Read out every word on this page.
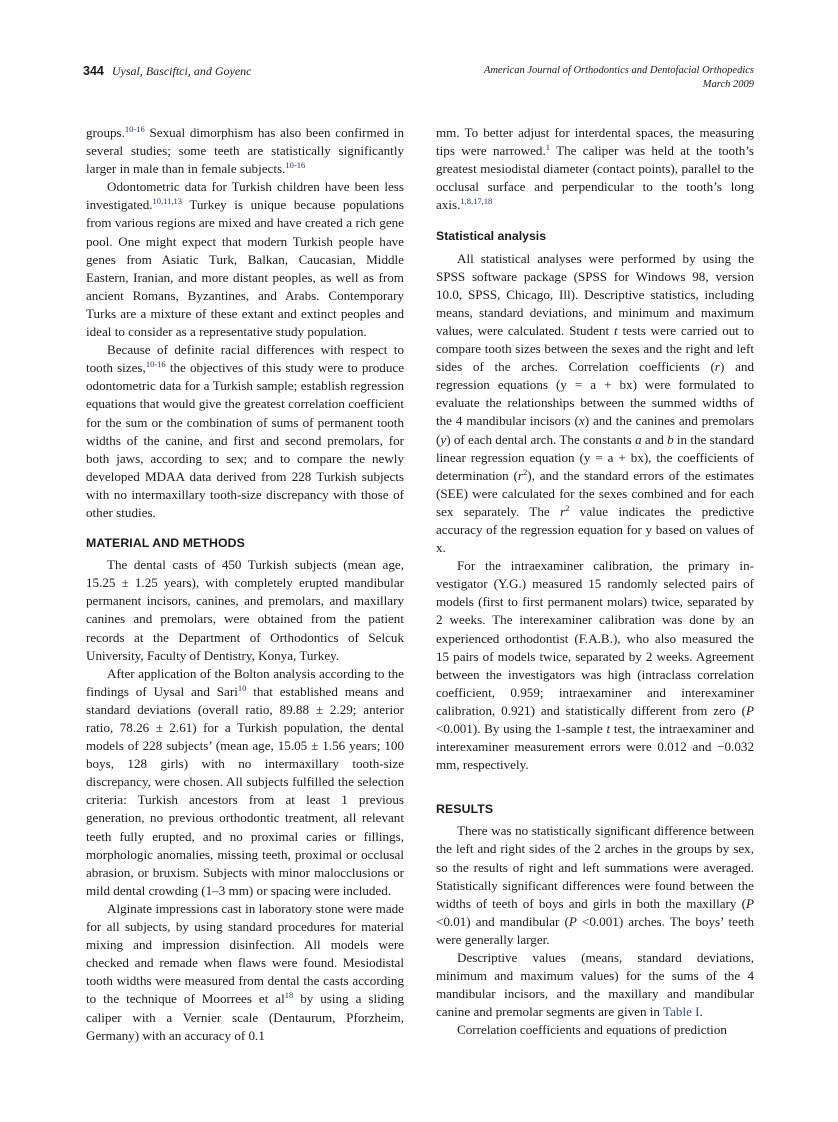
344 Uysal, Basciftci, and Goyenc	American Journal of Orthodontics and Dentofacial Orthopedics
March 2009

groups.$^{10-16}$ Sexual dimorphism has also been confirmed in several studies; some teeth are statistically significantly larger in male than in female subjects.$^{10-16}$

Odontometric data for Turkish children have been less investigated.$^{10,11,13}$ Turkey is unique because populations from various regions are mixed and have created a rich gene pool. One might expect that modern Turkish people have genes from Asiatic Turk, Balkan, Caucasian, Middle Eastern, Iranian, and more distant peoples, as well as from ancient Romans, Byzantines, and Arabs. Contemporary Turks are a mixture of these extant and extinct peoples and ideal to consider as a representative study population.

Because of definite racial differences with respect to tooth sizes,$^{10-16}$ the objectives of this study were to produce odontometric data for a Turkish sample; establish regression equations that would give the greatest correlation coefficient for the sum or the combination of sums of permanent tooth widths of the canine, and first and second premolars, for both jaws, according to sex; and to compare the newly developed MDAA data derived from 228 Turkish subjects with no intermaxillary tooth-size discrepancy with those of other studies.

MATERIAL AND METHODS

The dental casts of 450 Turkish subjects (mean age, 15.25 ± 1.25 years), with completely erupted mandibular permanent incisors, canines, and premolars, and maxillary canines and premolars, were obtained from the patient records at the Department of Orthodontics of Selcuk University, Faculty of Dentistry, Konya, Turkey.

After application of the Bolton analysis according to the findings of Uysal and Sari$^{10}$ that established means and standard deviations (overall ratio, 89.88 ± 2.29; anterior ratio, 78.26 ± 2.61) for a Turkish population, the dental models of 228 subjects’ (mean age, 15.05 ± 1.56 years; 100 boys, 128 girls) with no intermaxillary tooth-size discrepancy, were chosen. All subjects fulfilled the selection criteria: Turkish ancestors from at least 1 previous generation, no previous orthodontic treatment, all relevant teeth fully erupted, and no proximal caries or fillings, morphologic anomalies, missing teeth, proximal or occlusal abrasion, or bruxism. Subjects with minor malocclusions or mild dental crowding (1–3 mm) or spacing were included.

Alginate impressions cast in laboratory stone were made for all subjects, by using standard procedures for material mixing and impression disinfection. All models were checked and remade when flaws were found. Mesiodistal tooth widths were measured from dental the casts according to the technique of Moorrees et $al^{18}$ by using a sliding caliper with a Vernier scale (Dentaurum, Pforzheim, Germany) with an accuracy of 0.1

mm. To better adjust for interdental spaces, the measuring tips were narrowed.$^1$ The caliper was held at the tooth’s greatest mesiodistal diameter (contact points), parallel to the occlusal surface and perpendicular to the tooth’s long axis.$^{1,8,17,18}$

Statistical analysis

All statistical analyses were performed by using the SPSS software package (SPSS for Windows 98, version 10.0, SPSS, Chicago, Ill). Descriptive statistics, including means, standard deviations, and minimum and maximum values, were calculated. Student t tests were carried out to compare tooth sizes between the sexes and the right and left sides of the arches. Correlation coefficients (r) and regression equations (y = a + bx) were formulated to evaluate the relationships between the summed widths of the 4 mandibular incisors (x) and the canines and premolars (y) of each dental arch. The constants a and b in the standard linear regression equation (y = a + bx), the coefficients of determination $(r^2)$, and the standard errors of the estimates (SEE) were calculated for the sexes combined and for each sex separately. The $r^2$ value indicates the predictive accuracy of the regression equation for y based on values of x.

For the intraexaminer calibration, the primary investigator (Y.G.) measured 15 randomly selected pairs of models (first to first permanent molars) twice, separated by 2 weeks. The interexaminer calibration was done by an experienced orthodontist (F.A.B.), who also measured the 15 pairs of models twice, separated by 2 weeks. Agreement between the investigators was high (intraclass correlation coefficient, 0.959; intraexaminer and interexaminer calibration, 0.921) and statistically different from zero (P <0.001). By using the 1-sample t test, the intraexaminer and interexaminer measurement errors were 0.012 and −0.032 mm, respectively.

RESULTS

There was no statistically significant difference between the left and right sides of the 2 arches in the groups by sex, so the results of right and left summations were averaged. Statistically significant differences were found between the widths of teeth of boys and girls in both the maxillary (P <0.01) and mandibular (P <0.001) arches. The boys’ teeth were generally larger.

Descriptive values (means, standard deviations, minimum and maximum values) for the sums of the 4 mandibular incisors, and the maxillary and mandibular canine and premolar segments are given in Table I.

Correlation coefficients and equations of prediction
